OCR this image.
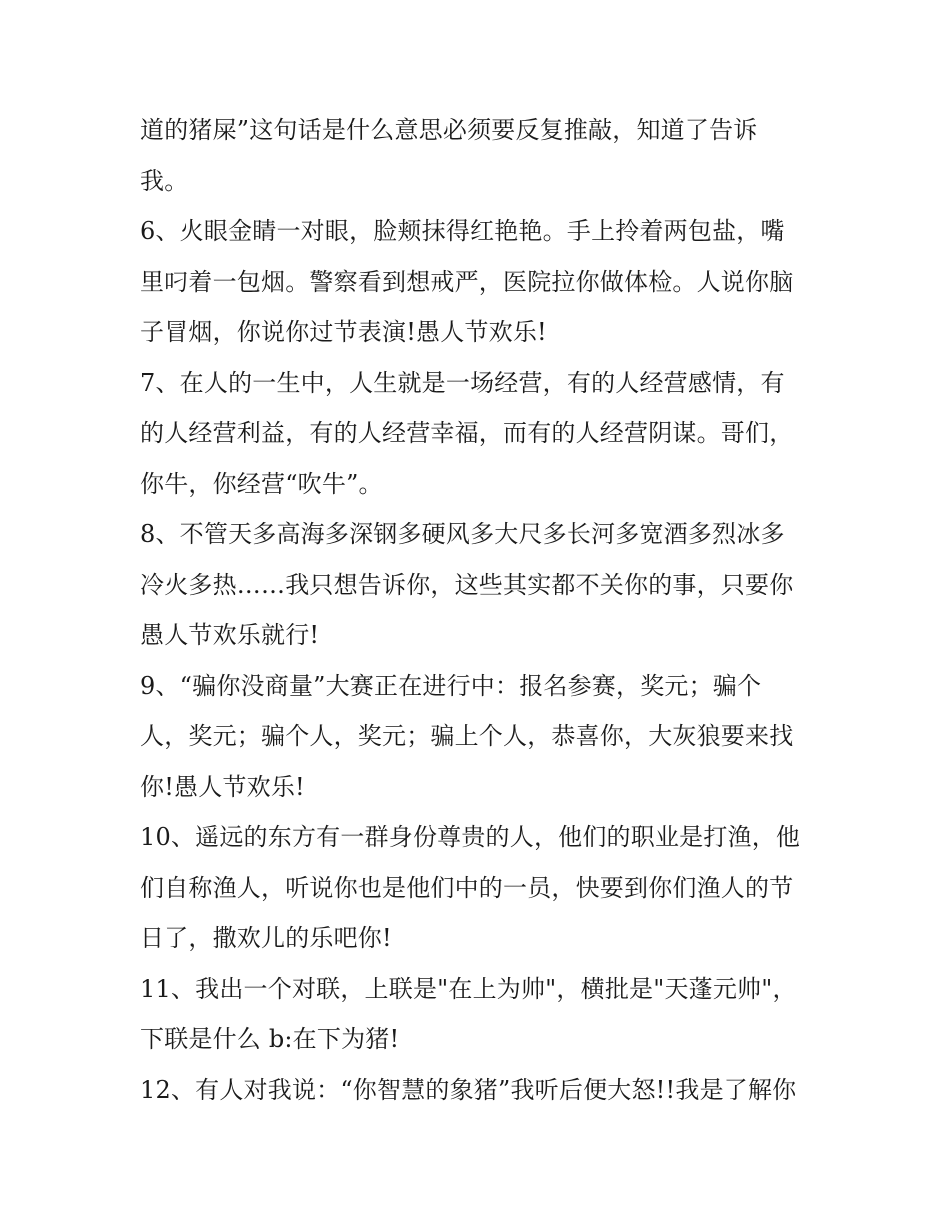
道的猪屎”这句话是什么意思必须要反复推敲，知道了告诉
我。
6、火眼金睛一对眼，脸颊抹得红艳艳。手上拎着两包盐，嘴
里叼着一包烟。警察看到想戒严，医院拉你做体检。人说你脑
子冒烟，你说你过节表演!愚人节欢乐!
7、在人的一生中，人生就是一场经营，有的人经营感情，有
的人经营利益，有的人经营幸福，而有的人经营阴谋。哥们，
你牛，你经营“吹牛”。
8、不管天多高海多深钢多硬风多大尺多长河多宽酒多烈冰多
冷火多热……我只想告诉你，这些其实都不关你的事，只要你
愚人节欢乐就行!
9、“骗你没商量”大赛正在进行中：报名参赛，奖元；骗个
人，奖元；骗个人，奖元；骗上个人，恭喜你，大灰狼要来找
你!愚人节欢乐!
10、遥远的东方有一群身份尊贵的人，他们的职业是打渔，他
们自称渔人，听说你也是他们中的一员，快要到你们渔人的节
日了，撒欢儿的乐吧你!
11、我出一个对联，上联是"在上为帅"，横批是"天蓬元帅"，
下联是什么 b:在下为猪!
12、有人对我说：“你智慧的象猪”我听后便大怒!!我是了解你
